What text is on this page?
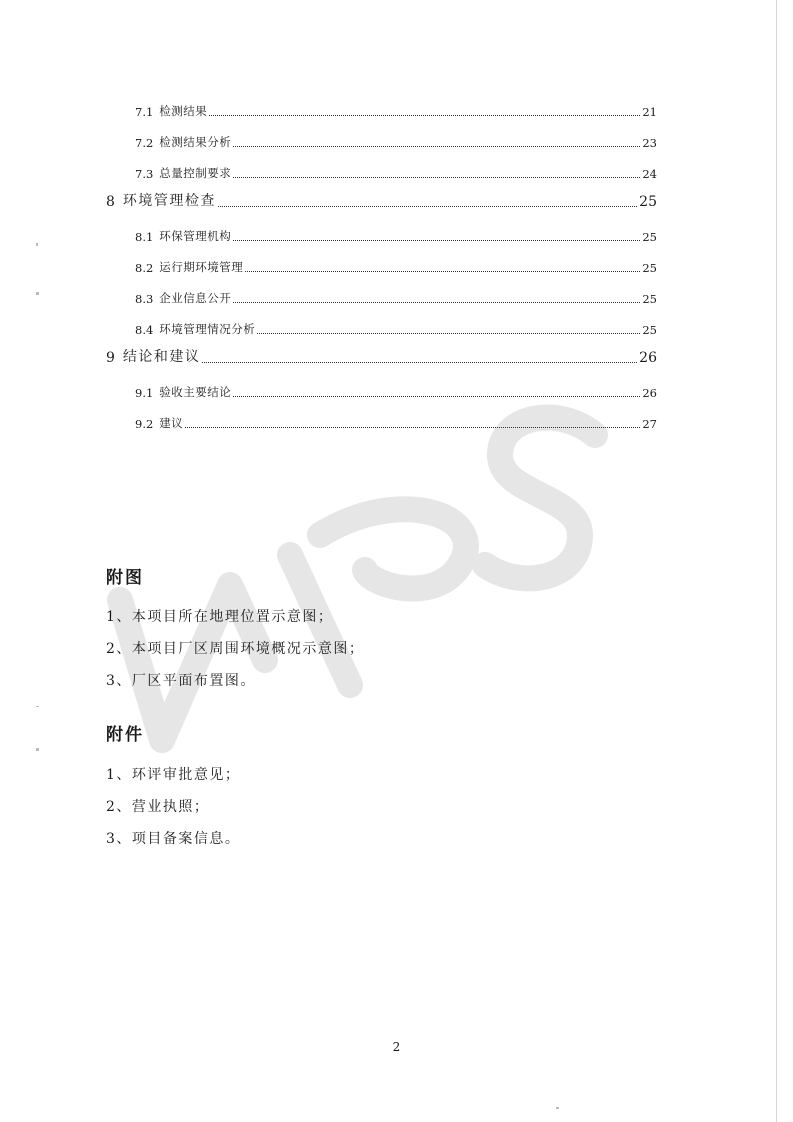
7.1 检测结果	21
7.2 检测结果分析	23
7.3 总量控制要求	24
8 环境管理检查	25
8.1 环保管理机构	25
8.2 运行期环境管理	25
8.3 企业信息公开	25
8.4 环境管理情况分析	25
9 结论和建议	26
9.1 验收主要结论	26
9.2 建议	27
附图
1、本项目所在地理位置示意图；
2、本项目厂区周围环境概况示意图；
3、厂区平面布置图。
附件
1、环评审批意见；
2、营业执照；
3、项目备案信息。
2
